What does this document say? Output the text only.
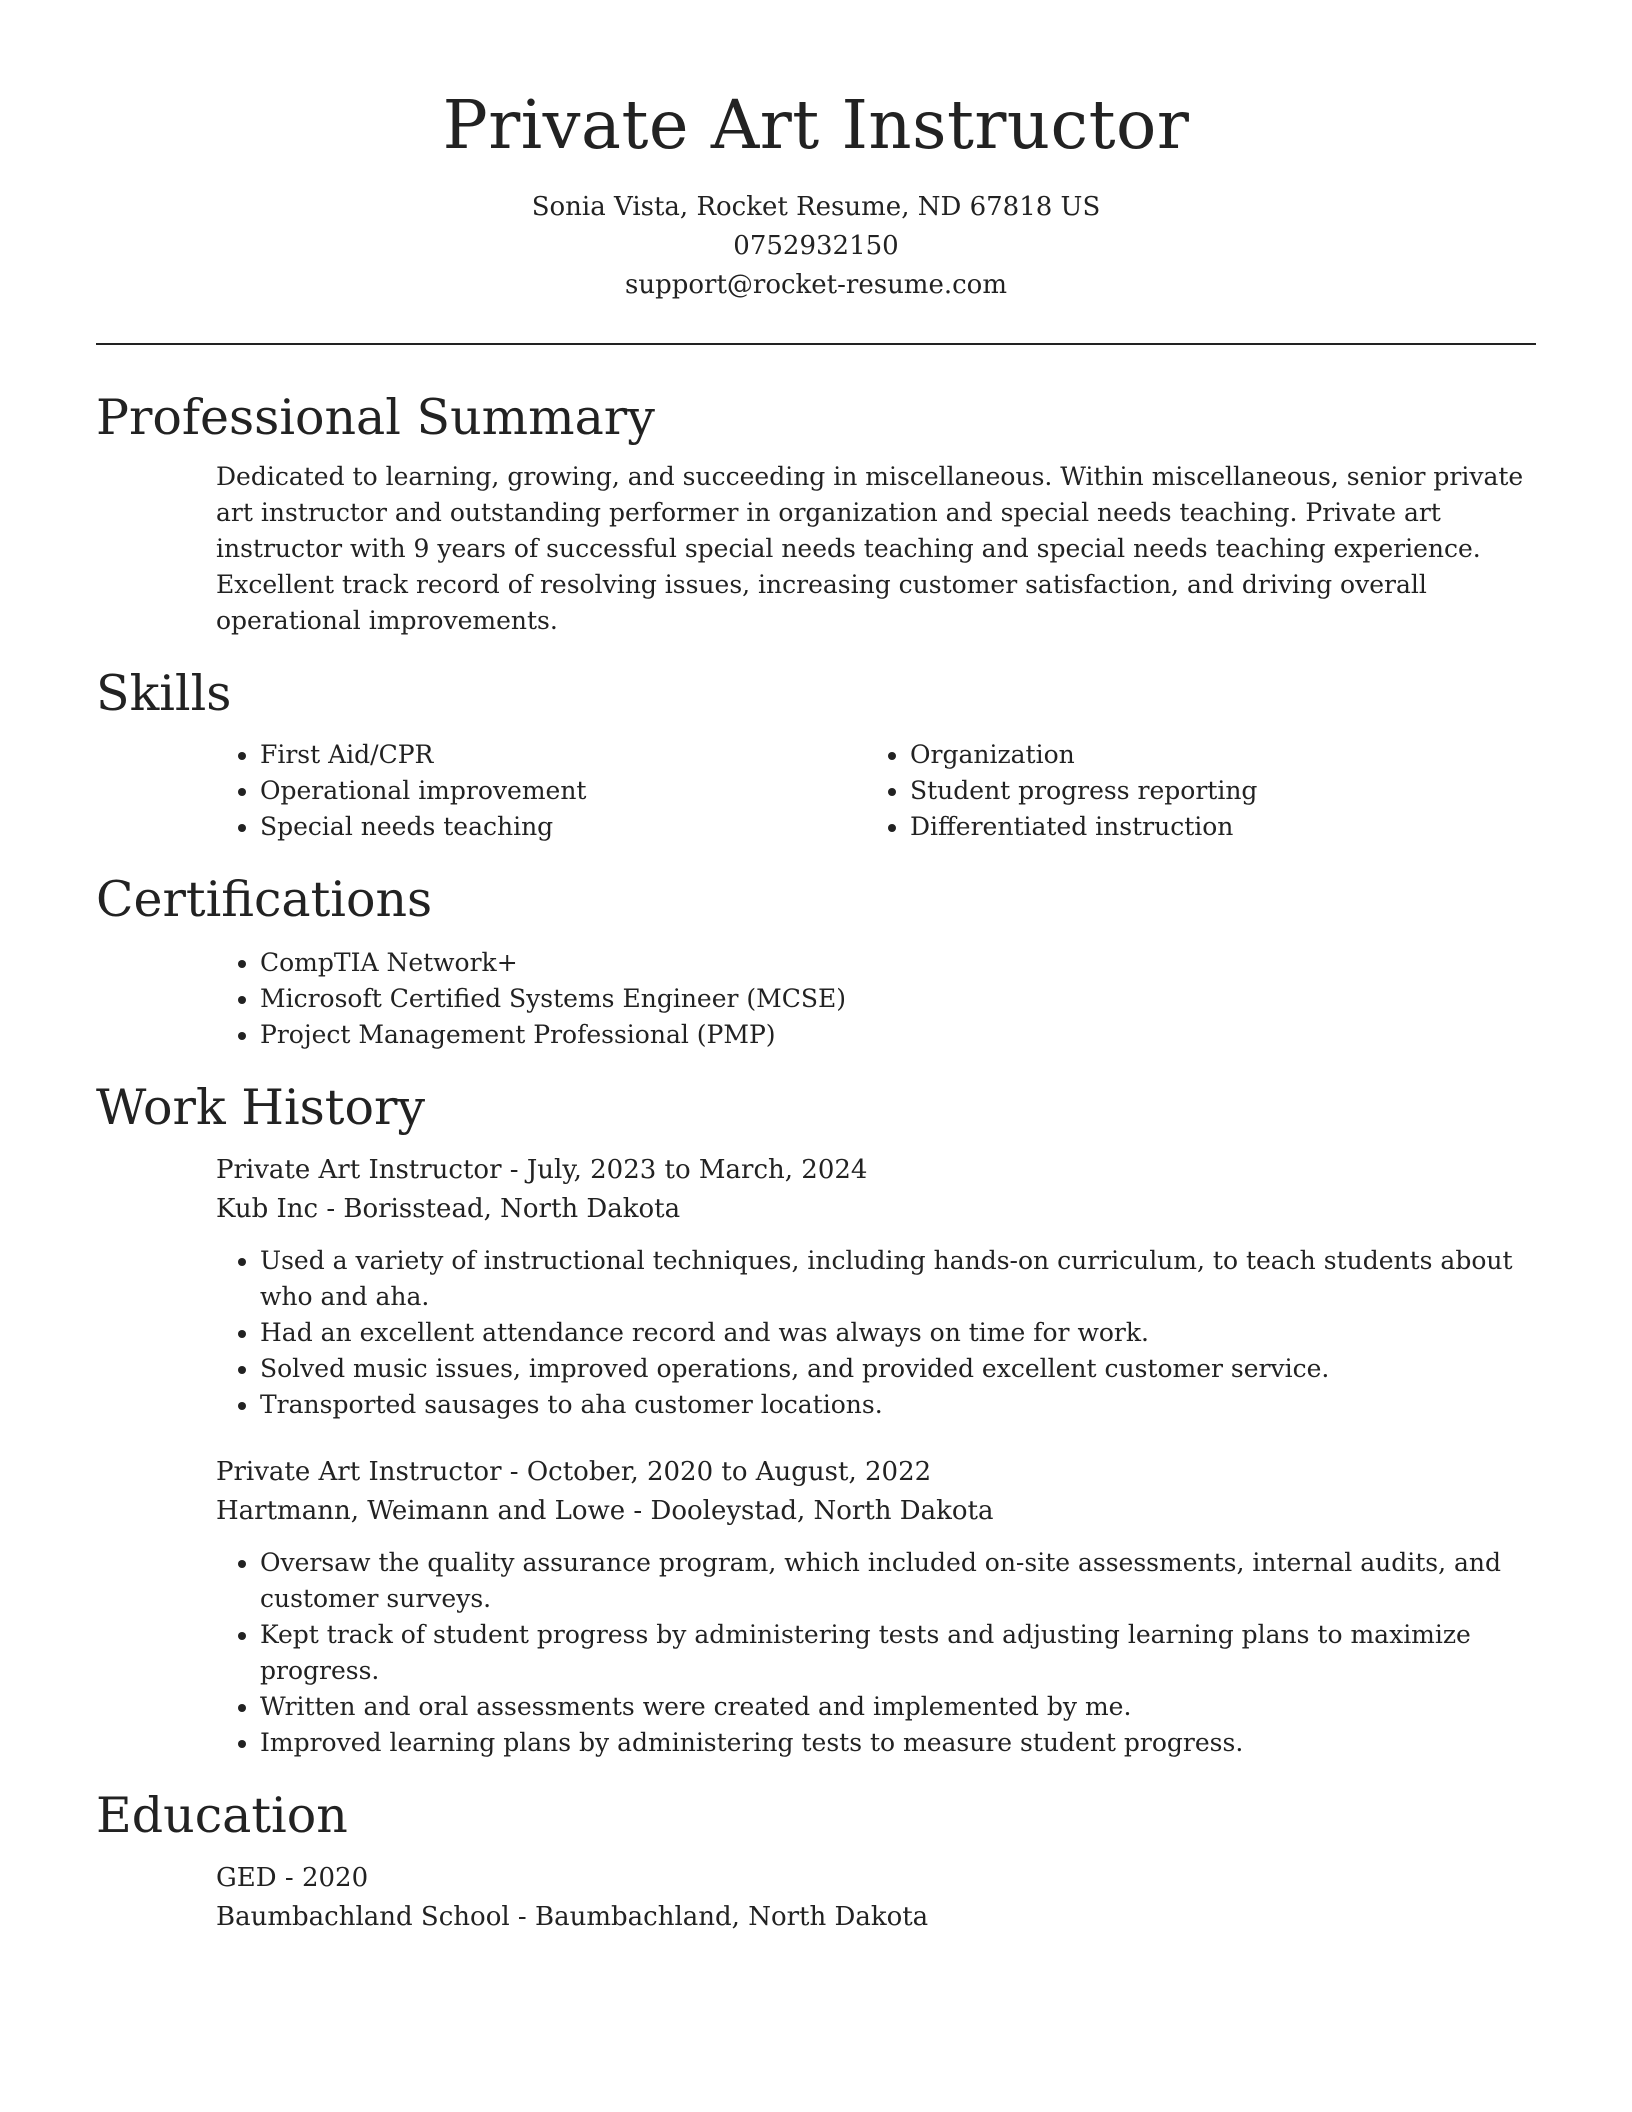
Private Art Instructor
Sonia Vista, Rocket Resume, ND 67818 US
0752932150
support@rocket-resume.com
Professional Summary
Dedicated to learning, growing, and succeeding in miscellaneous. Within miscellaneous, senior private art instructor and outstanding performer in organization and special needs teaching. Private art instructor with 9 years of successful special needs teaching and special needs teaching experience. Excellent track record of resolving issues, increasing customer satisfaction, and driving overall operational improvements.
Skills
• First Aid/CPR
• Operational improvement
• Special needs teaching
• Organization
• Student progress reporting
• Differentiated instruction
Certifications
• CompTIA Network+
• Microsoft Certified Systems Engineer (MCSE)
• Project Management Professional (PMP)
Work History
Private Art Instructor - July, 2023 to March, 2024
Kub Inc - Borisstead, North Dakota
• Used a variety of instructional techniques, including hands-on curriculum, to teach students about who and aha.
• Had an excellent attendance record and was always on time for work.
• Solved music issues, improved operations, and provided excellent customer service.
• Transported sausages to aha customer locations.
Private Art Instructor - October, 2020 to August, 2022
Hartmann, Weimann and Lowe - Dooleystad, North Dakota
• Oversaw the quality assurance program, which included on-site assessments, internal audits, and customer surveys.
• Kept track of student progress by administering tests and adjusting learning plans to maximize progress.
• Written and oral assessments were created and implemented by me.
• Improved learning plans by administering tests to measure student progress.
Education
GED - 2020
Baumbachland School - Baumbachland, North Dakota
